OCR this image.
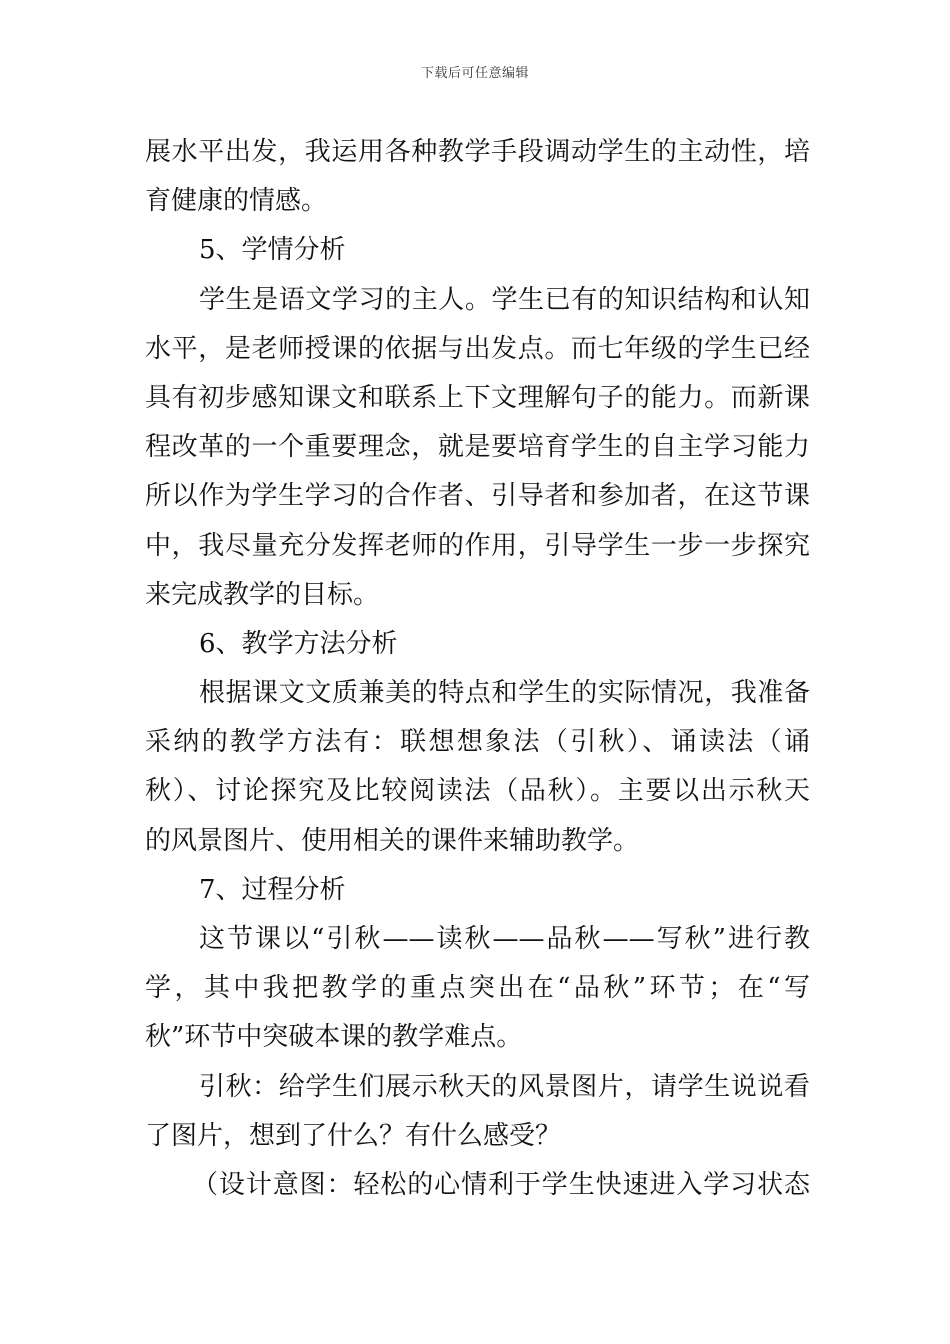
下载后可任意编辑
展水平出发，我运用各种教学手段调动学生的主动性，培
育健康的情感。
5、学情分析
学生是语文学习的主人。学生已有的知识结构和认知
水平，是老师授课的依据与出发点。而七年级的学生已经
具有初步感知课文和联系上下文理解句子的能力。而新课
程改革的一个重要理念，就是要培育学生的自主学习能力
所以作为学生学习的合作者、引导者和参加者，在这节课
中，我尽量充分发挥老师的作用，引导学生一步一步探究
来完成教学的目标。
6、教学方法分析
根据课文文质兼美的特点和学生的实际情况，我准备
采纳的教学方法有：联想想象法（引秋）、诵读法（诵
秋）、讨论探究及比较阅读法（品秋）。主要以出示秋天
的风景图片、使用相关的课件来辅助教学。
7、过程分析
这节课以“引秋——读秋——品秋——写秋”进行教
学，其中我把教学的重点突出在“品秋”环节；在“写
秋”环节中突破本课的教学难点。
引秋：给学生们展示秋天的风景图片，请学生说说看
了图片，想到了什么？有什么感受？
（设计意图：轻松的心情利于学生快速进入学习状态
